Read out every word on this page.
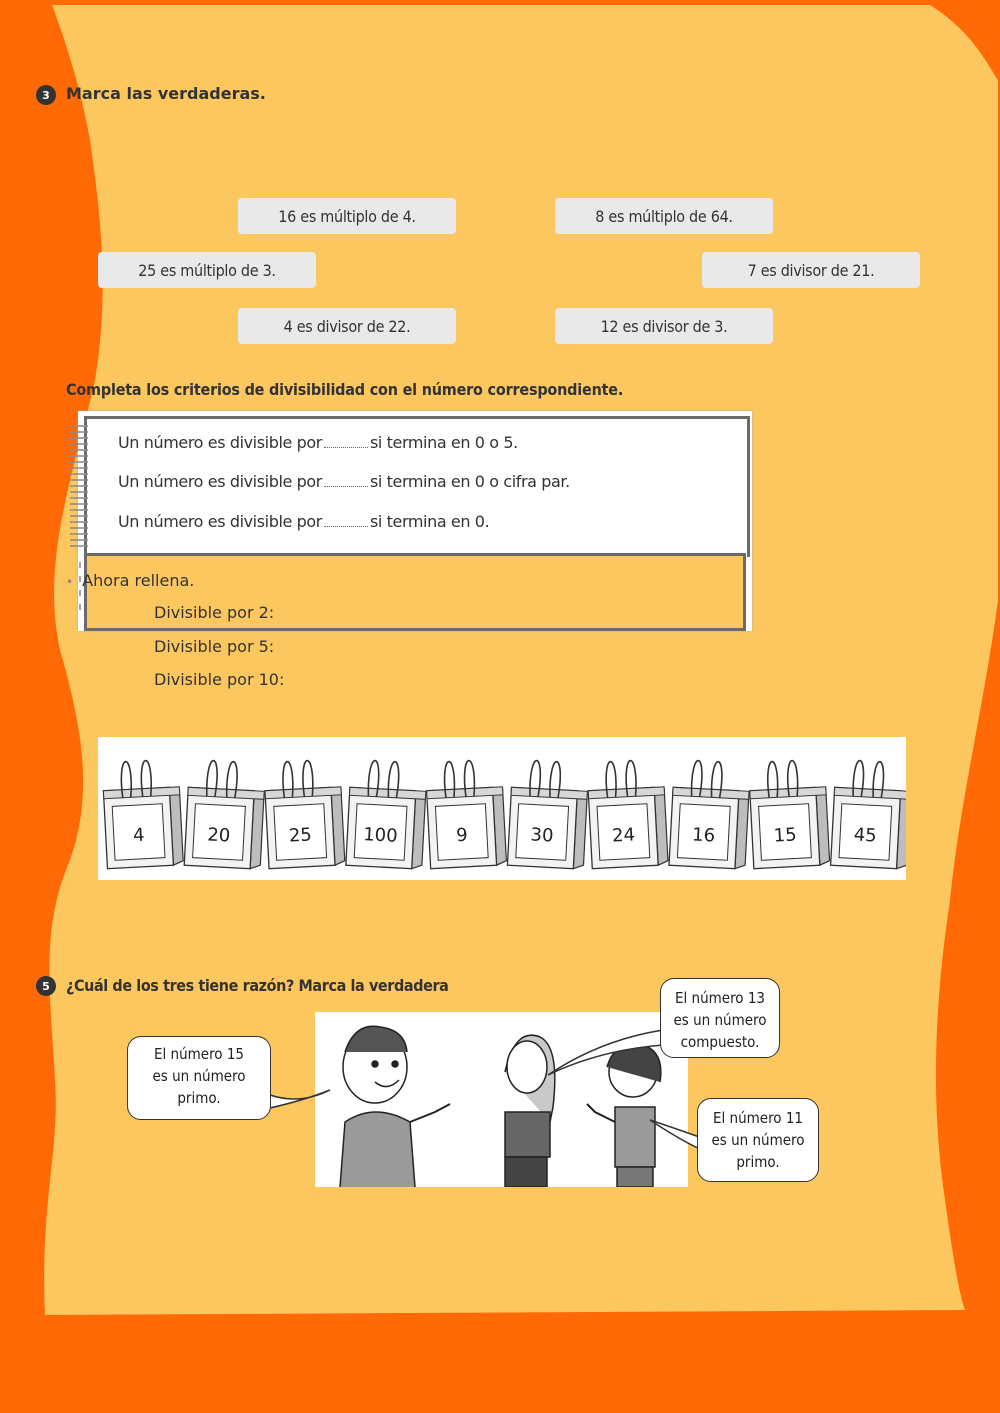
3	Marca las verdaderas.
16 es múltiplo de 4.	8 es múltiplo de 64.
25 es múltiplo de 3.	7 es divisor de 21.
4 es divisor de 22.	12 es divisor de 3.
Completa los criterios de divisibilidad con el número correspondiente.
Un número es divisible por	si termina en 0 o 5.
Un número es divisible por	si termina en 0 o cifra par.
Un número es divisible por	si termina en 0.
• Ahora rellena.
Divisible por 2:
Divisible por 5:
Divisible por 10:
4	20	25	100	9	30	24	16	15	45
5	¿Cuál de los tres tiene razón? Marca la verdadera
El número 15
es un número
primo.
El número 13
es un número
compuesto.
El número 11
es un número
primo.
